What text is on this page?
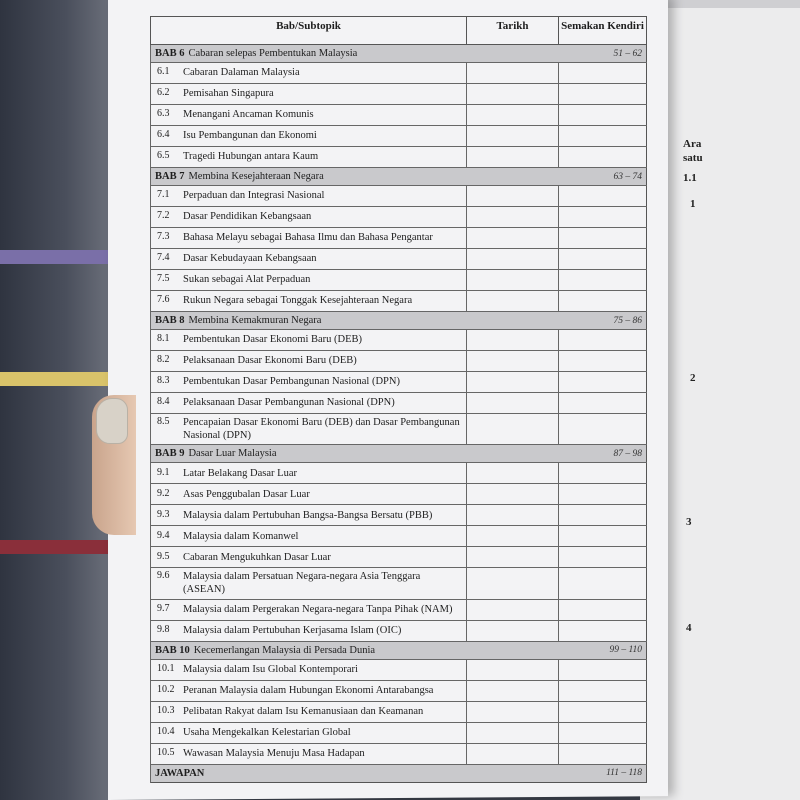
Ara
satu
1.1
1
2
3
4
Bab/Subtopik	Tarikh	Semakan Kendiri

BAB 6 Cabaran selepas Pembentukan Malaysia 51 – 62		

6.1 Cabaran Dalaman Malaysia		

6.2 Pemisahan Singapura		

6.3 Menangani Ancaman Komunis		

6.4 Isu Pembangunan dan Ekonomi		

6.5 Tragedi Hubungan antara Kaum		

BAB 7 Membina Kesejahteraan Negara 63 – 74		

7.1 Perpaduan dan Integrasi Nasional		

7.2 Dasar Pendidikan Kebangsaan		

7.3 Bahasa Melayu sebagai Bahasa Ilmu dan Bahasa Pengantar		

7.4 Dasar Kebudayaan Kebangsaan		

7.5 Sukan sebagai Alat Perpaduan		

7.6 Rukun Negara sebagai Tonggak Kesejahteraan Negara		

BAB 8 Membina Kemakmuran Negara 75 – 86		

8.1 Pembentukan Dasar Ekonomi Baru (DEB)		

8.2 Pelaksanaan Dasar Ekonomi Baru (DEB)		

8.3 Pembentukan Dasar Pembangunan Nasional (DPN)		

8.4 Pelaksanaan Dasar Pembangunan Nasional (DPN)		

8.5 Pencapaian Dasar Ekonomi Baru (DEB) dan Dasar Pembangunan Nasional (DPN)		

BAB 9 Dasar Luar Malaysia 87 – 98		

9.1 Latar Belakang Dasar Luar		

9.2 Asas Penggubalan Dasar Luar		

9.3 Malaysia dalam Pertubuhan Bangsa-Bangsa Bersatu (PBB)		

9.4 Malaysia dalam Komanwel		

9.5 Cabaran Mengukuhkan Dasar Luar		

9.6 Malaysia dalam Persatuan Negara-negara Asia Tenggara (ASEAN)		

9.7 Malaysia dalam Pergerakan Negara-negara Tanpa Pihak (NAM)		

9.8 Malaysia dalam Pertubuhan Kerjasama Islam (OIC)		

BAB 10 Kecemerlangan Malaysia di Persada Dunia 99 – 110		

10.1 Malaysia dalam Isu Global Kontemporari		

10.2 Peranan Malaysia dalam Hubungan Ekonomi Antarabangsa		

10.3 Pelibatan Rakyat dalam Isu Kemanusiaan dan Keamanan		

10.4 Usaha Mengekalkan Kelestarian Global		

10.5 Wawasan Malaysia Menuju Masa Hadapan		

JAWAPAN 111 – 118		
